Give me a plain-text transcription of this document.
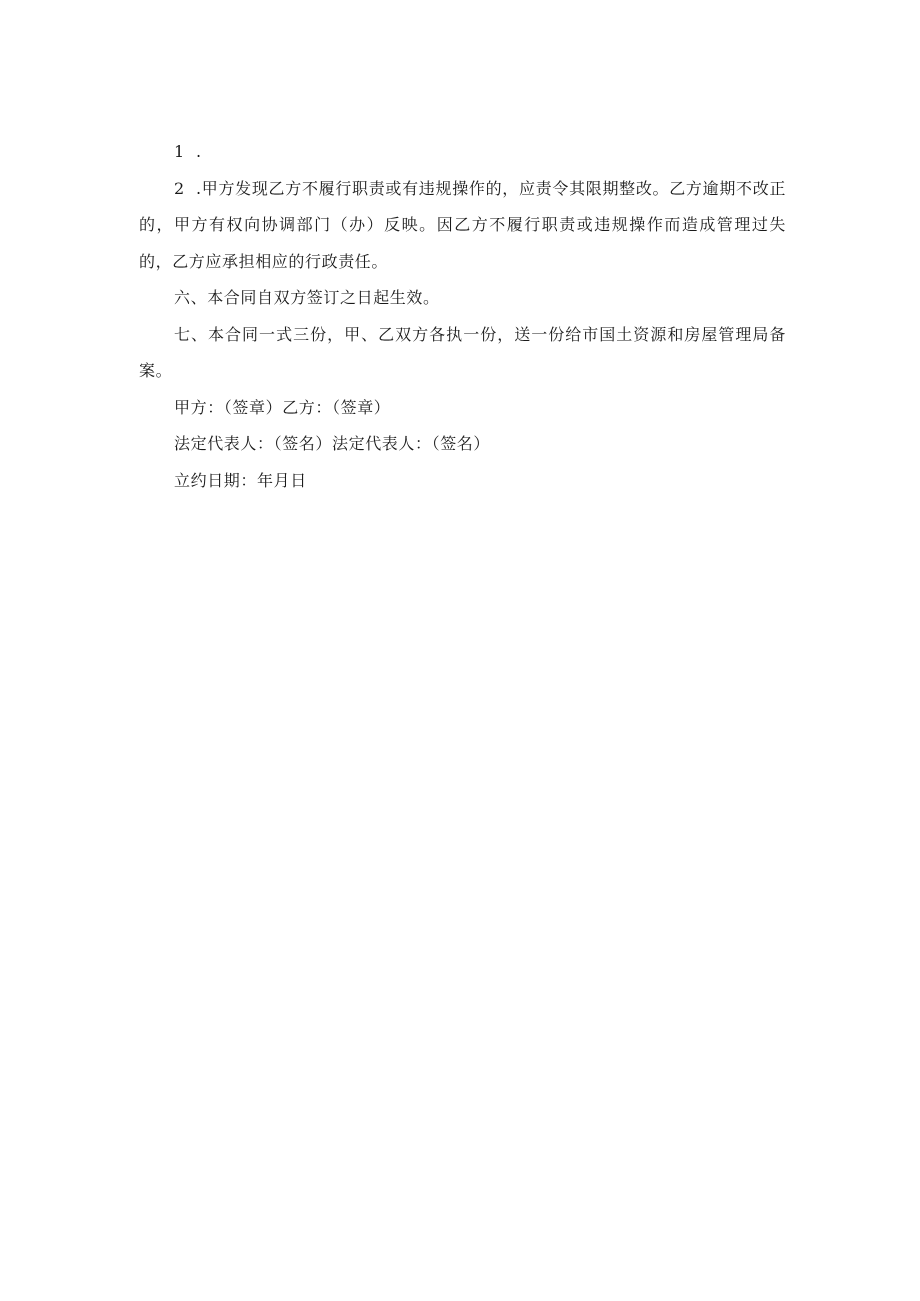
1 .

2 .甲方发现乙方不履行职责或有违规操作的，应责令其限期整改。乙方逾期不改正的，甲方有权向协调部门（办）反映。因乙方不履行职责或违规操作而造成管理过失的，乙方应承担相应的行政责任。

六、本合同自双方签订之日起生效。

七、本合同一式三份，甲、乙双方各执一份，送一份给市国土资源和房屋管理局备案。

甲方：（签章）乙方：（签章）

法定代表人：（签名）法定代表人：（签名）

立约日期：年月日
